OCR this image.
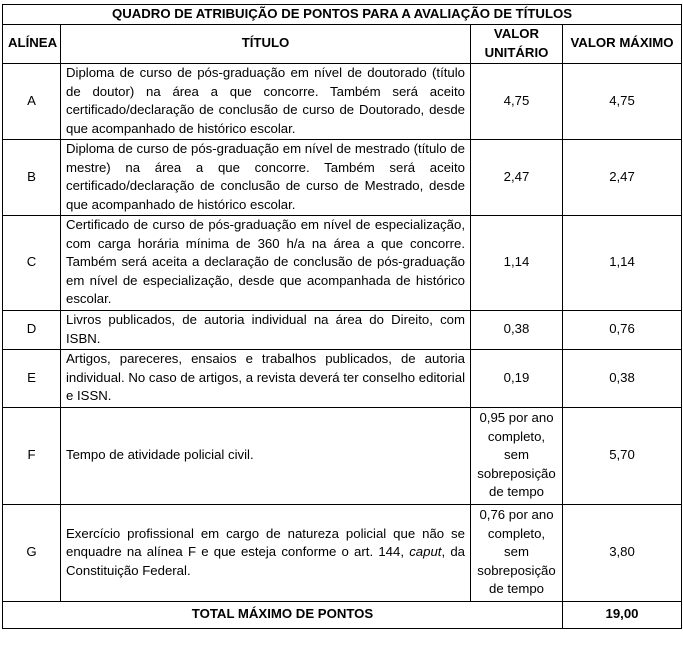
QUADRO DE ATRIBUIÇÃO DE PONTOS PARA A AVALIAÇÃO DE TÍTULOS			
ALÍNEA	TÍTULO	VALOR UNITÁRIO	VALOR MÁXIMO
A	Diploma de curso de pós-graduação em nível de doutorado (título de doutor) na área a que concorre. Também será aceito certificado/declaração de conclusão de curso de Doutorado, desde que acompanhado de histórico escolar.	4,75	4,75
B	Diploma de curso de pós-graduação em nível de mestrado (título de mestre) na área a que concorre. Também será aceito certificado/declaração de conclusão de curso de Mestrado, desde que acompanhado de histórico escolar.	2,47	2,47
C	Certificado de curso de pós-graduação em nível de especialização, com carga horária mínima de 360 h/a na área a que concorre. Também será aceita a declaração de conclusão de pós-graduação em nível de especialização, desde que acompanhada de histórico escolar.	1,14	1,14
D	Livros publicados, de autoria individual na área do Direito, com ISBN.	0,38	0,76
E	Artigos, pareceres, ensaios e trabalhos publicados, de autoria individual. No caso de artigos, a revista deverá ter conselho editorial e ISSN.	0,19	0,38
F	Tempo de atividade policial civil.	0,95 por ano completo, sem sobreposição de tempo	5,70
G	Exercício profissional em cargo de natureza policial que não se enquadre na alínea F e que esteja conforme o art. 144, caput, da Constituição Federal.	0,76 por ano completo, sem sobreposição de tempo	3,80
TOTAL MÁXIMO DE PONTOS			19,00
